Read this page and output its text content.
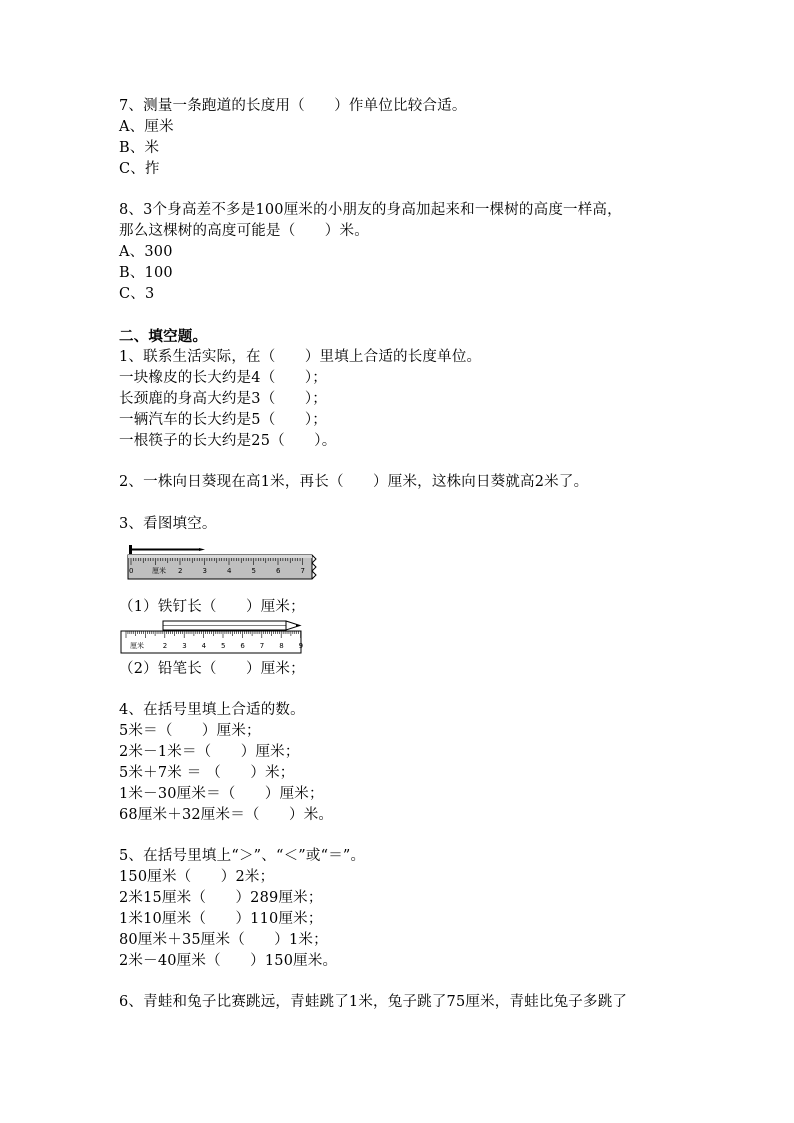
7、测量一条跑道的长度用（　　）作单位比较合适。
A、厘米
B、米
C、拃
8、3个身高差不多是100厘米的小朋友的身高加起来和一棵树的高度一样高，
那么这棵树的高度可能是（　　）米。
A、300
B、100
C、3
二、填空题。
1、联系生活实际，在（　　）里填上合适的长度单位。
一块橡皮的长大约是4（　　）；
长颈鹿的身高大约是3（　　）；
一辆汽车的长大约是5（　　）；
一根筷子的长大约是25（　　）。
2、一株向日葵现在高1米，再长（　　）厘米，这株向日葵就高2米了。
3、看图填空。
0	2	3	4	5	6	7
厘米
（1）铁钉长（　　）厘米；
2 3 4 5 6 7 8 9
厘米
（2）铅笔长（　　）厘米；
4、在括号里填上合适的数。
5米＝（　　）厘米；
2米－1米＝（　　）厘米；
5米＋7米 ＝ （　　）米；
1米－30厘米＝（　　）厘米；
68厘米＋32厘米＝（　　）米。
5、在括号里填上“＞”、“＜”或“＝”。
150厘米（　　）2米；
2米15厘米（　　）289厘米；
1米10厘米（　　）110厘米；
80厘米＋35厘米（　　）1米；
2米－40厘米（　　）150厘米。
6、青蛙和兔子比赛跳远，青蛙跳了1米，兔子跳了75厘米，青蛙比兔子多跳了
